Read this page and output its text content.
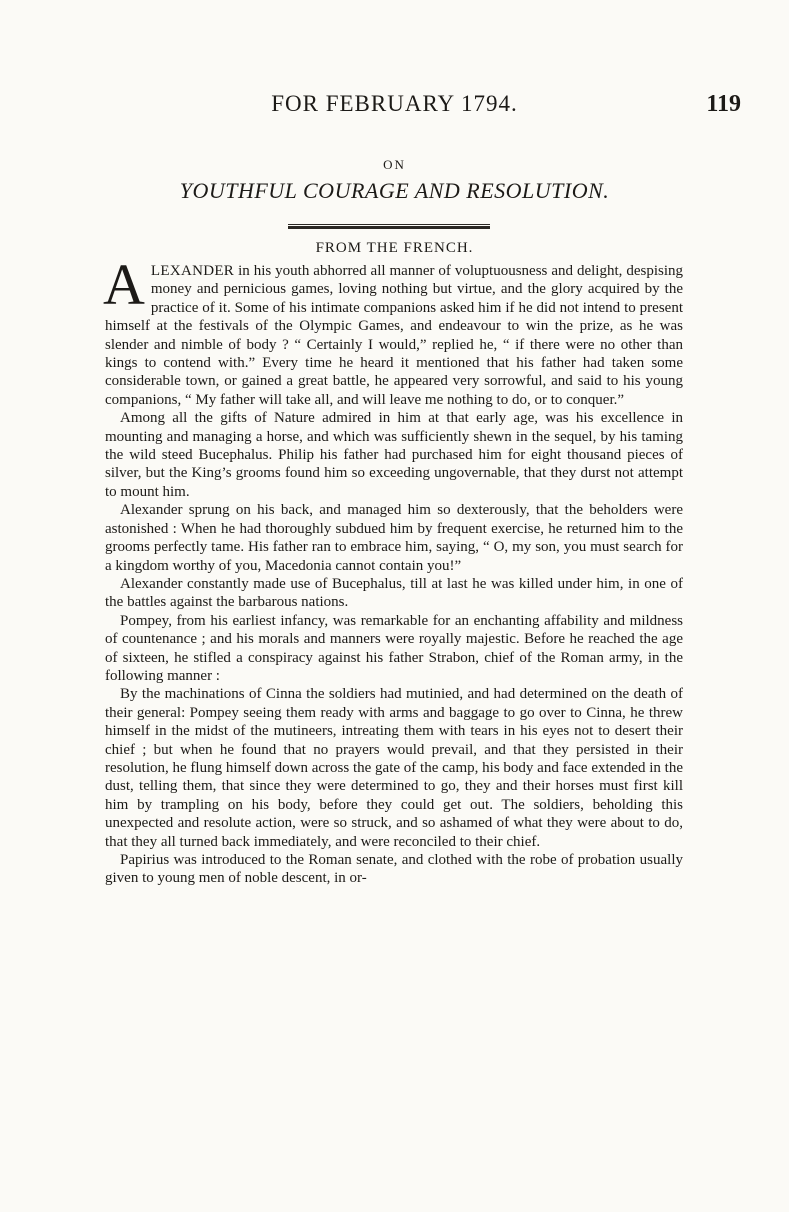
FOR FEBRUARY 1794.	119
ON
YOUTHFUL COURAGE AND RESOLUTION.
FROM THE FRENCH.

ALEXANDER in his youth abhorred all manner of voluptuousness and delight, despising money and pernicious games, loving nothing but virtue, and the glory acquired by the practice of it. Some of his intimate companions asked him if he did not intend to present himself at the festivals of the Olympic Games, and endeavour to win the prize, as he was slender and nimble of body ? “ Certainly I would,” replied he, “ if there were no other than kings to contend with.” Every time he heard it mentioned that his father had taken some considerable town, or gained a great battle, he appeared very sorrowful, and said to his young companions, “ My father will take all, and will leave me nothing to do, or to conquer.”

Among all the gifts of Nature admired in him at that early age, was his excellence in mounting and managing a horse, and which was sufficiently shewn in the sequel, by his taming the wild steed Bucephalus. Philip his father had purchased him for eight thousand pieces of silver, but the King’s grooms found him so exceeding ungovernable, that they durst not attempt to mount him.

Alexander sprung on his back, and managed him so dexterously, that the beholders were astonished : When he had thoroughly subdued him by frequent exercise, he returned him to the grooms perfectly tame. His father ran to embrace him, saying, “ O, my son, you must search for a kingdom worthy of you, Macedonia cannot contain you!”

Alexander constantly made use of Bucephalus, till at last he was killed under him, in one of the battles against the barbarous nations.

Pompey, from his earliest infancy, was remarkable for an enchanting affability and mildness of countenance ; and his morals and manners were royally majestic. Before he reached the age of sixteen, he stifled a conspiracy against his father Strabon, chief of the Roman army, in the following manner :

By the machinations of Cinna the soldiers had mutinied, and had determined on the death of their general: Pompey seeing them ready with arms and baggage to go over to Cinna, he threw himself in the midst of the mutineers, intreating them with tears in his eyes not to desert their chief ; but when he found that no prayers would prevail, and that they persisted in their resolution, he flung himself down across the gate of the camp, his body and face extended in the dust, telling them, that since they were determined to go, they and their horses must first kill him by trampling on his body, before they could get out. The soldiers, beholding this unexpected and resolute action, were so struck, and so ashamed of what they were about to do, that they all turned back immediately, and were reconciled to their chief.

Papirius was introduced to the Roman senate, and clothed with the robe of probation usually given to young men of noble descent, in or-
